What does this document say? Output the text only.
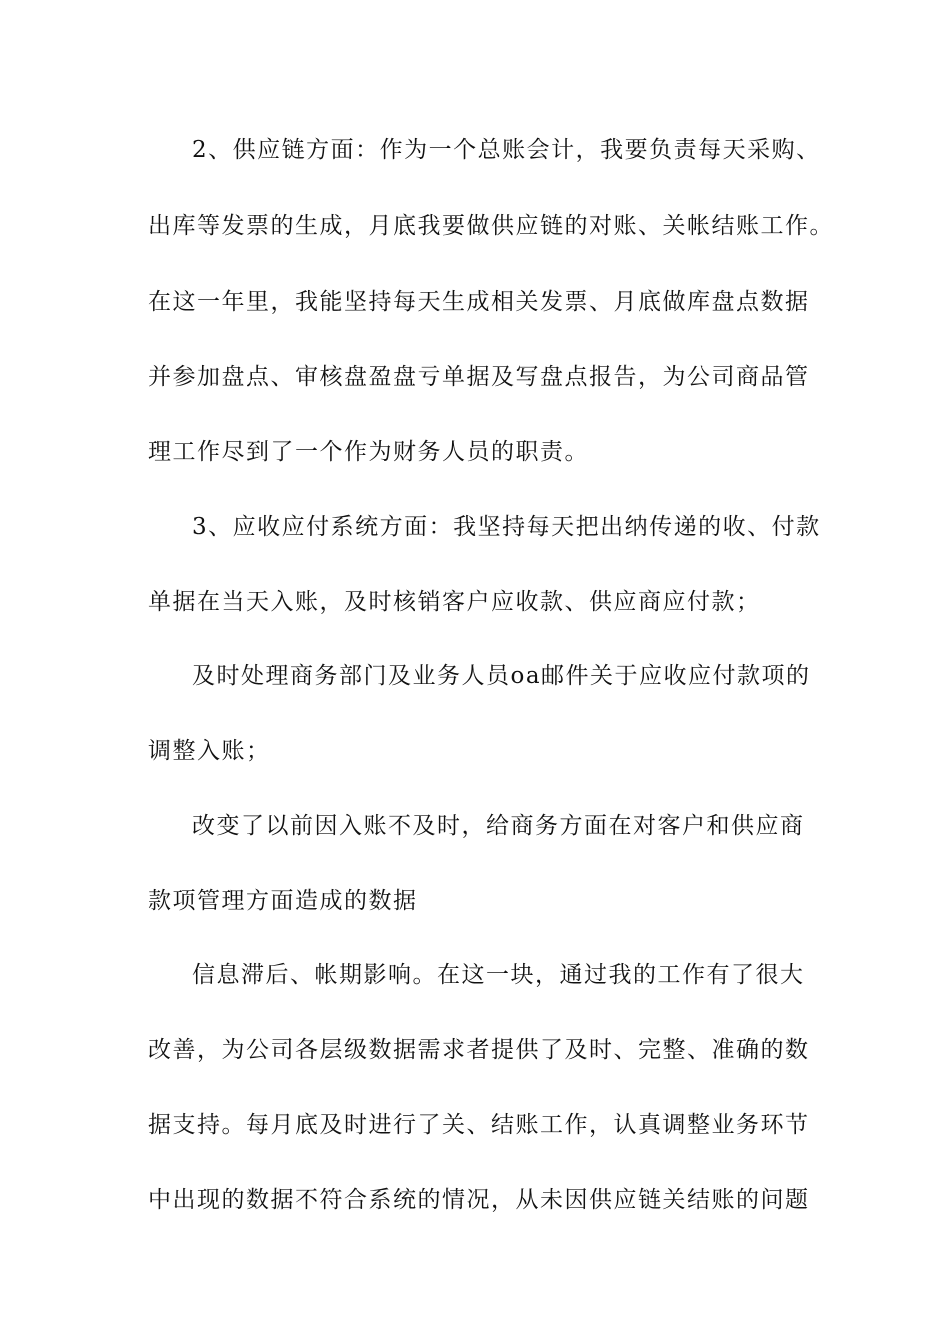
2、供应链方面：作为一个总账会计，我要负责每天采购、
出库等发票的生成，月底我要做供应链的对账、关帐结账工作。
在这一年里，我能坚持每天生成相关发票、月底做库盘点数据
并参加盘点、审核盘盈盘亏单据及写盘点报告，为公司商品管
理工作尽到了一个作为财务人员的职责。
3、应收应付系统方面：我坚持每天把出纳传递的收、付款
单据在当天入账，及时核销客户应收款、供应商应付款；
及时处理商务部门及业务人员oa邮件关于应收应付款项的
调整入账；
改变了以前因入账不及时，给商务方面在对客户和供应商
款项管理方面造成的数据
信息滞后、帐期影响。在这一块，通过我的工作有了很大
改善，为公司各层级数据需求者提供了及时、完整、准确的数
据支持。每月底及时进行了关、结账工作，认真调整业务环节
中出现的数据不符合系统的情况，从未因供应链关结账的问题
